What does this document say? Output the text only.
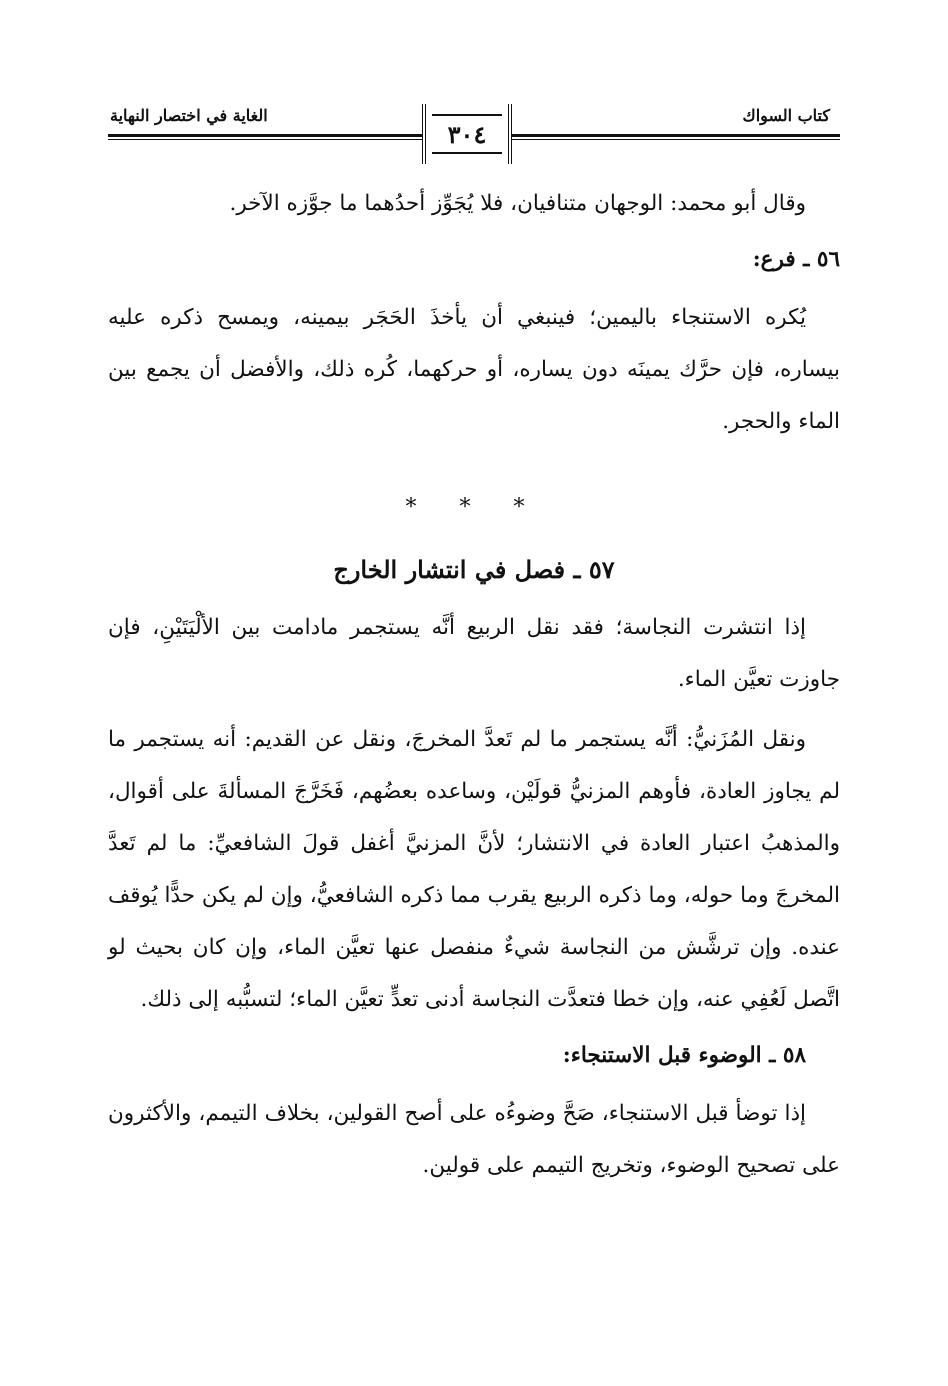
كتاب السواك
الغاية في اختصار النهاية
٣٠٤

وقال أبو محمد: الوجهان متنافيان، فلا يُجَوِّز أحدُهما ما جوَّزه الآخر.

٥٦ ـ فرع:

يُكره الاستنجاء باليمين؛ فينبغي أن يأخذَ الحَجَر بيمينه، ويمسح ذكره عليه بيساره، فإن حرَّك يمينَه دون يساره، أو حركهما، كُره ذلك، والأفضل أن يجمع بين الماء والحجر.

* * *

٥٧ ـ فصل في انتشار الخارج

إذا انتشرت النجاسة؛ فقد نقل الربيع أنَّه يستجمر مادامت بين الألْيَتَيْنِ، فإن جاوزت تعيَّن الماء.

ونقل المُزَنيُّ: أنَّه يستجمر ما لم تَعدَّ المخرجَ، ونقل عن القديم: أنه يستجمر ما لم يجاوز العادة، فأوهم المزنيُّ قولَيْن، وساعده بعضُهم، فَخَرَّجَ المسألةَ على أقوال، والمذهبُ اعتبار العادة في الانتشار؛ لأنَّ المزنيَّ أغفل قولَ الشافعيِّ: ما لم تَعدَّ المخرجَ وما حوله، وما ذكره الربيع يقرب مما ذكره الشافعيُّ، وإن لم يكن حدًّا يُوقف عنده. وإن ترشَّش من النجاسة شيءٌ منفصل عنها تعيَّن الماء، وإن كان بحيث لو اتَّصل لَعُفِي عنه، وإن خطا فتعدَّت النجاسة أدنى تعدٍّ تعيَّن الماء؛ لتسبُّبه إلى ذلك.

٥٨ ـ الوضوء قبل الاستنجاء:

إذا توضأ قبل الاستنجاء، صَحَّ وضوءُه على أصح القولين، بخلاف التيمم، والأكثرون على تصحيح الوضوء، وتخريج التيمم على قولين.
